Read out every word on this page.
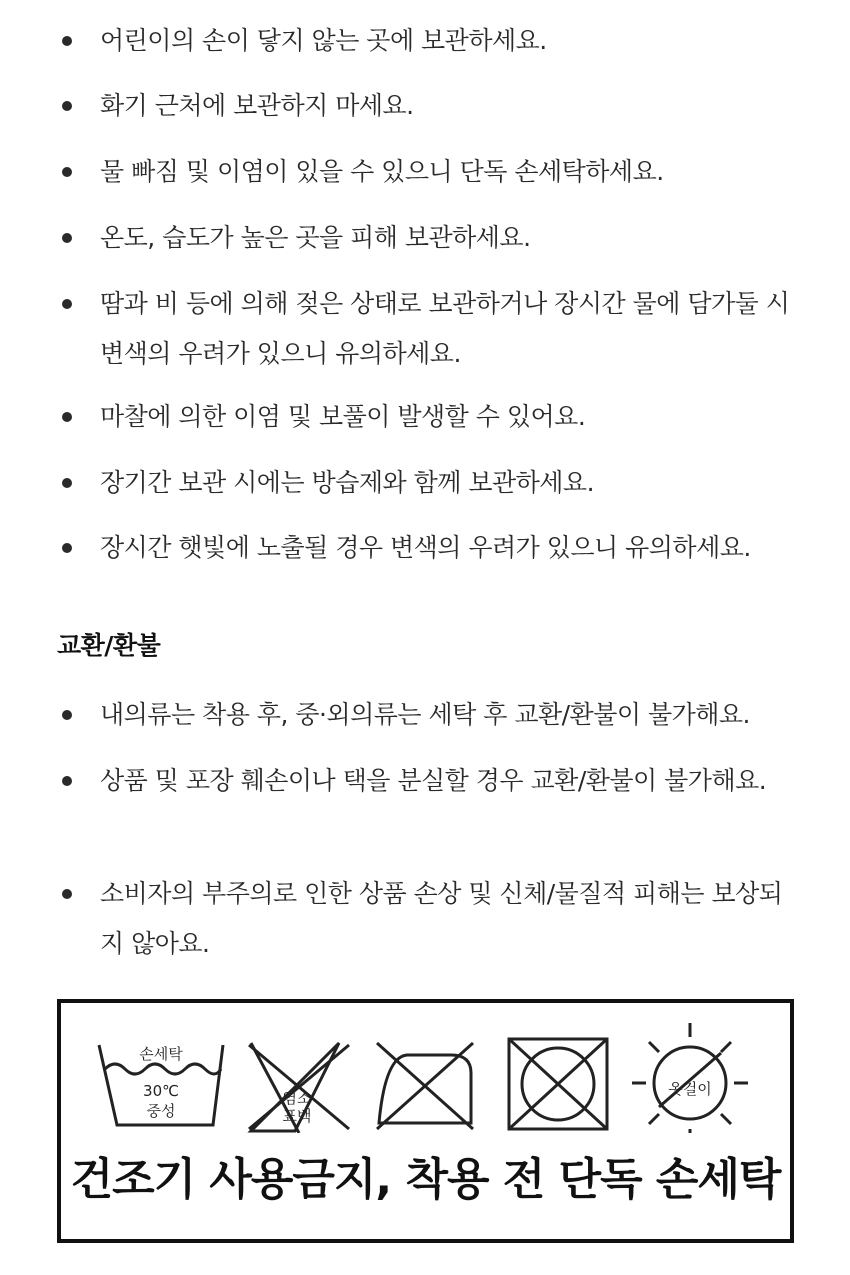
어린이의 손이 닿지 않는 곳에 보관하세요.
화기 근처에 보관하지 마세요.
물 빠짐 및 이염이 있을 수 있으니 단독 손세탁하세요.
온도, 습도가 높은 곳을 피해 보관하세요.
땀과 비 등에 의해 젖은 상태로 보관하거나 장시간 물에 담가둘 시 변색의 우려가 있으니 유의하세요.
마찰에 의한 이염 및 보풀이 발생할 수 있어요.
장기간 보관 시에는 방습제와 함께 보관하세요.
장시간 햇빛에 노출될 경우 변색의 우려가 있으니 유의하세요.
교환/환불
내의류는 착용 후, 중·외의류는 세탁 후 교환/환불이 불가해요.
상품 및 포장 훼손이나 택을 분실할 경우 교환/환불이 불가해요.
소비자의 부주의로 인한 상품 손상 및 신체/물질적 피해는 보상되지 않아요.
손세탁
30℃
중성
염소
표백
옷걸이
건조기 사용금지, 착용 전 단독 손세탁
